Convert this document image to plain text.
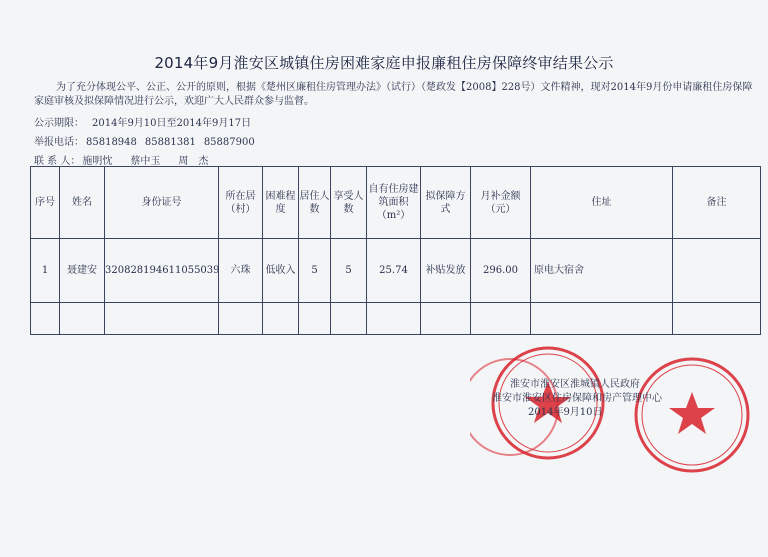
2014年9月淮安区城镇住房困难家庭申报廉租住房保障终审结果公示
为了充分体现公平、公正、公开的原则，根据《楚州区廉租住房管理办法》（试行）（楚政发【2008】228号）文件精神，现对2014年9月份申请廉租住房保障家庭审核及拟保障情况进行公示，欢迎广大人民群众参与监督。
公示期限： 2014年9月10日至2014年9月17日
举报电话： 85818948 85881381 85887900
联 系 人： 施明忱 蔡中玉 周　杰
序号	姓名	身份证号	所在居（村）	困难程度	居住人数	享受人数	自有住房建筑面积（m²）	拟保障方式	月补金额（元）	住址	备注
1	聂建安	320828194611055039	六珠	低收入	5	5	25.74	补贴发放	296.00	原电大宿舍	

淮安市淮安区淮城镇人民政府
淮安市淮安区住房保障和房产管理中心
2014年9月10日
